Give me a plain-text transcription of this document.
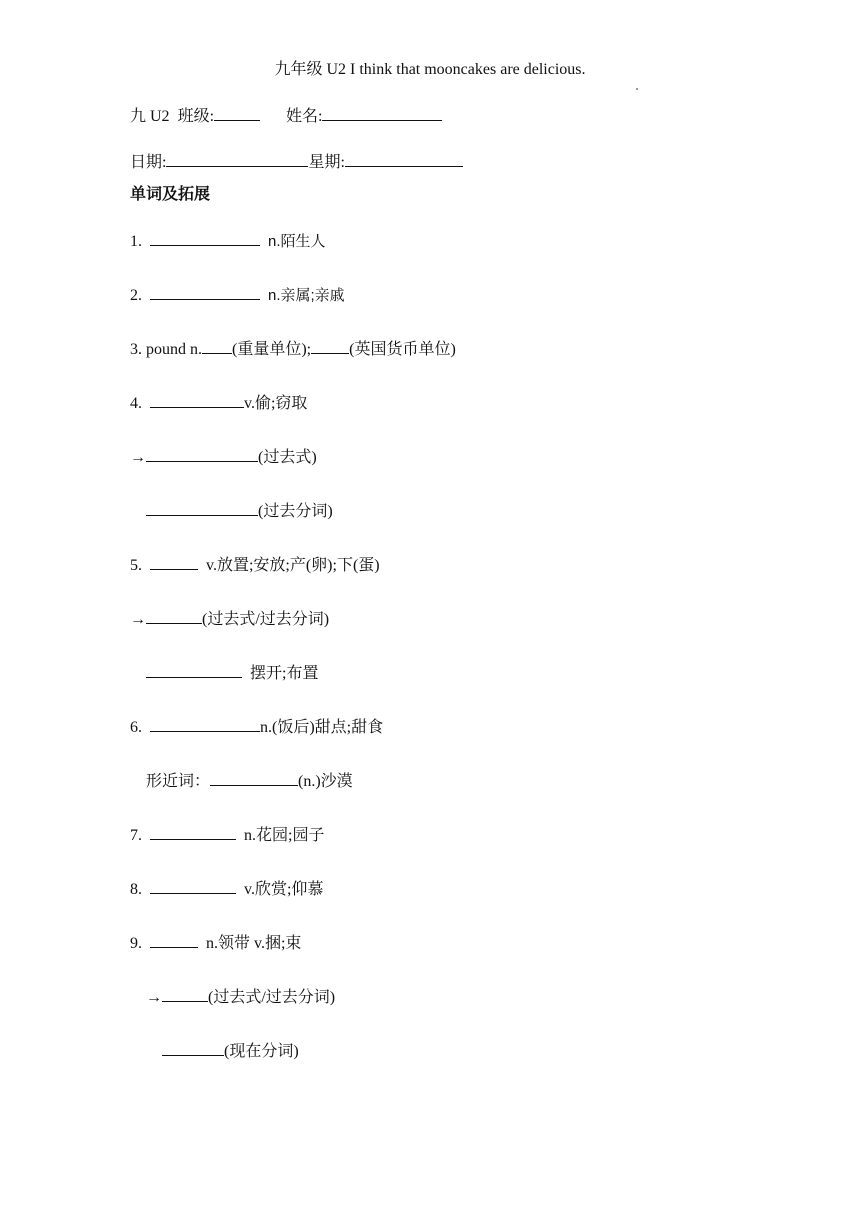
九年级 U2 I think that mooncakes are delicious.
九 U2 班级:	姓名:
日期:	星期:
单词及拓展
1.	n.陌生人
2.	n.亲属;亲戚
3. pound n. (重量单位); (英国货币单位)
4.	v.偷;窃取
→	(过去式)
(过去分词)
5.	v.放置;安放;产(卵);下(蛋)
→	(过去式/过去分词)
摆开;布置
6.	n.(饭后)甜点;甜食
形近词：	(n.)沙漠
7.	n.花园;园子
8.	v.欣赏;仰慕
9.	n.领带 v.捆;束
→	(过去式/过去分词)
(现在分词)
